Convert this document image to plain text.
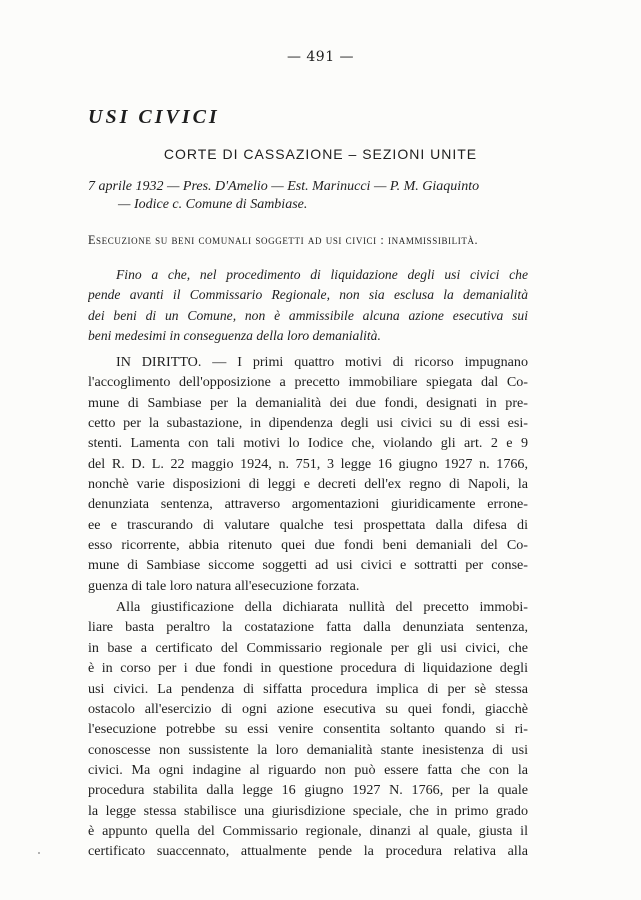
— 491 —
USI CIVICI
CORTE DI CASSAZIONE – SEZIONI UNITE
7 aprile 1932 — Pres. D'Amelio — Est. Marinucci — P. M. Giaquinto
— Iodice c. Comune di Sambiase.
Esecuzione su beni comunali soggetti ad usi civici : inammissibilità.
Fino a che, nel procedimento di liquidazione degli usi civici che
pende avanti il Commissario Regionale, non sia esclusa la demanialità
dei beni di un Comune, non è ammissibile alcuna azione esecutiva sui
beni medesimi in conseguenza della loro demanialità.
IN DIRITTO. — I primi quattro motivi di ricorso impugnano
l'accoglimento dell'opposizione a precetto immobiliare spiegata dal Co-
mune di Sambiase per la demanialità dei due fondi, designati in pre-
cetto per la subastazione, in dipendenza degli usi civici su di essi esi-
stenti. Lamenta con tali motivi lo Iodice che, violando gli art. 2 e 9
del R. D. L. 22 maggio 1924, n. 751, 3 legge 16 giugno 1927 n. 1766,
nonchè varie disposizioni di leggi e decreti dell'ex regno di Napoli, la
denunziata sentenza, attraverso argomentazioni giuridicamente errone-
ee e trascurando di valutare qualche tesi prospettata dalla difesa di
esso ricorrente, abbia ritenuto quei due fondi beni demaniali del Co-
mune di Sambiase siccome soggetti ad usi civici e sottratti per conse-
guenza di tale loro natura all'esecuzione forzata.
Alla giustificazione della dichiarata nullità del precetto immobi-
liare basta peraltro la costatazione fatta dalla denunziata sentenza,
in base a certificato del Commissario regionale per gli usi civici, che
è in corso per i due fondi in questione procedura di liquidazione degli
usi civici. La pendenza di siffatta procedura implica di per sè stessa
ostacolo all'esercizio di ogni azione esecutiva su quei fondi, giacchè
l'esecuzione potrebbe su essi venire consentita soltanto quando si ri-
conoscesse non sussistente la loro demanialità stante inesistenza di usi
civici. Ma ogni indagine al riguardo non può essere fatta che con la
procedura stabilita dalla legge 16 giugno 1927 N. 1766, per la quale
la legge stessa stabilisce una giurisdizione speciale, che in primo grado
è appunto quella del Commissario regionale, dinanzi al quale, giusta il
certificato suaccennato, attualmente pende la procedura relativa alla
